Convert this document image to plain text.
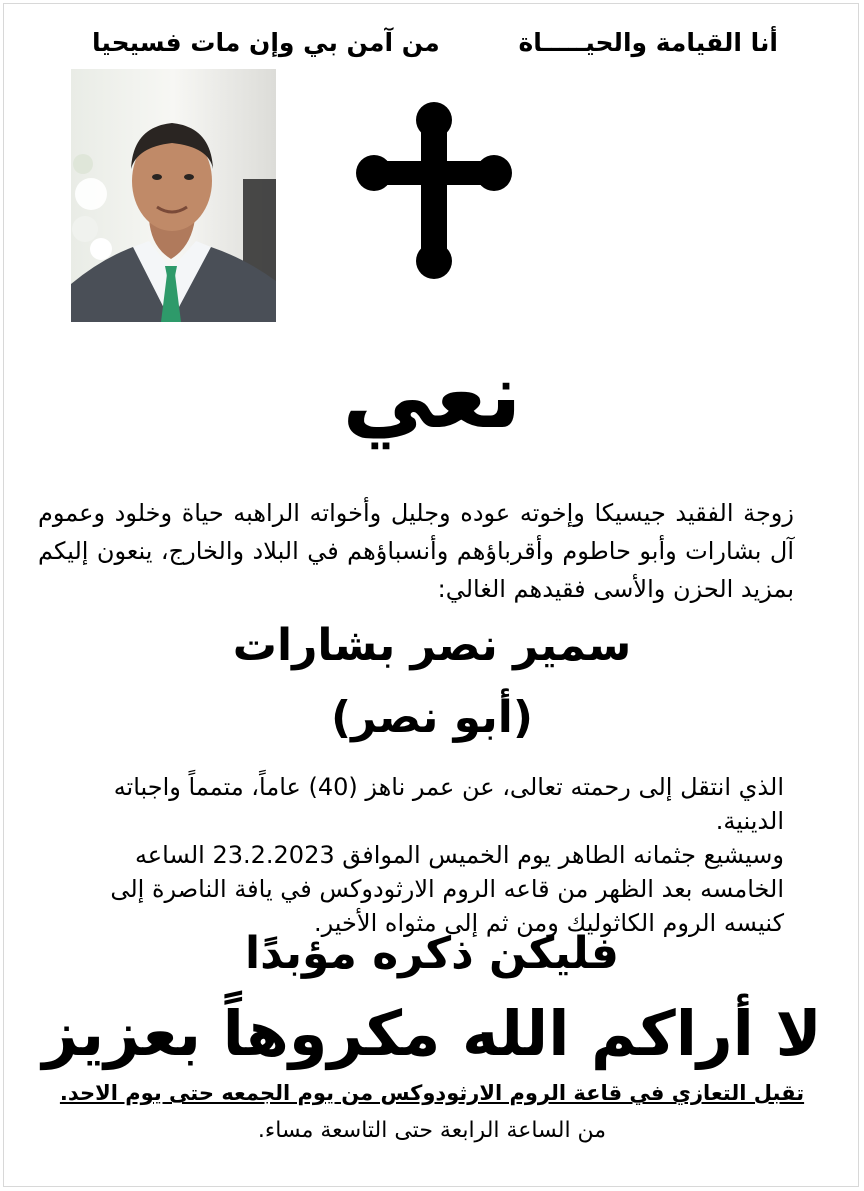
أنا القيامة والحيـــــاة
من آمن بي وإن مات فسيحيا
نعي
زوجة الفقيد جيسيكا وإخوته عوده وجليل وأخواته الراهبه حياة وخلود وعموم آل بشارات وأبو حاطوم وأقرباؤهم وأنسباؤهم في البلاد والخارج، ينعون إليكم بمزيد الحزن والأسى فقيدهم الغالي:
سمير نصر بشارات
(أبو نصر)
الذي انتقل إلى رحمته تعالى، عن عمر ناهز (40) عاماً، متمماً واجباته الدينية.
وسيشيع جثمانه الطاهر يوم الخميس الموافق 23.2.2023 الساعه
الخامسه بعد الظهر من قاعه الروم الارثودوكس في يافة الناصرة إلى
كنيسه الروم الكاثوليك ومن ثم إلى مثواه الأخير.
فليكن ذكره مؤبدًا
لا أراكم الله مكروهاً بعزيز
تقبل التعازي في قاعة الروم الارثودوكس من يوم الجمعه حتى يوم الاحد.
من الساعة الرابعة حتى التاسعة مساء.
